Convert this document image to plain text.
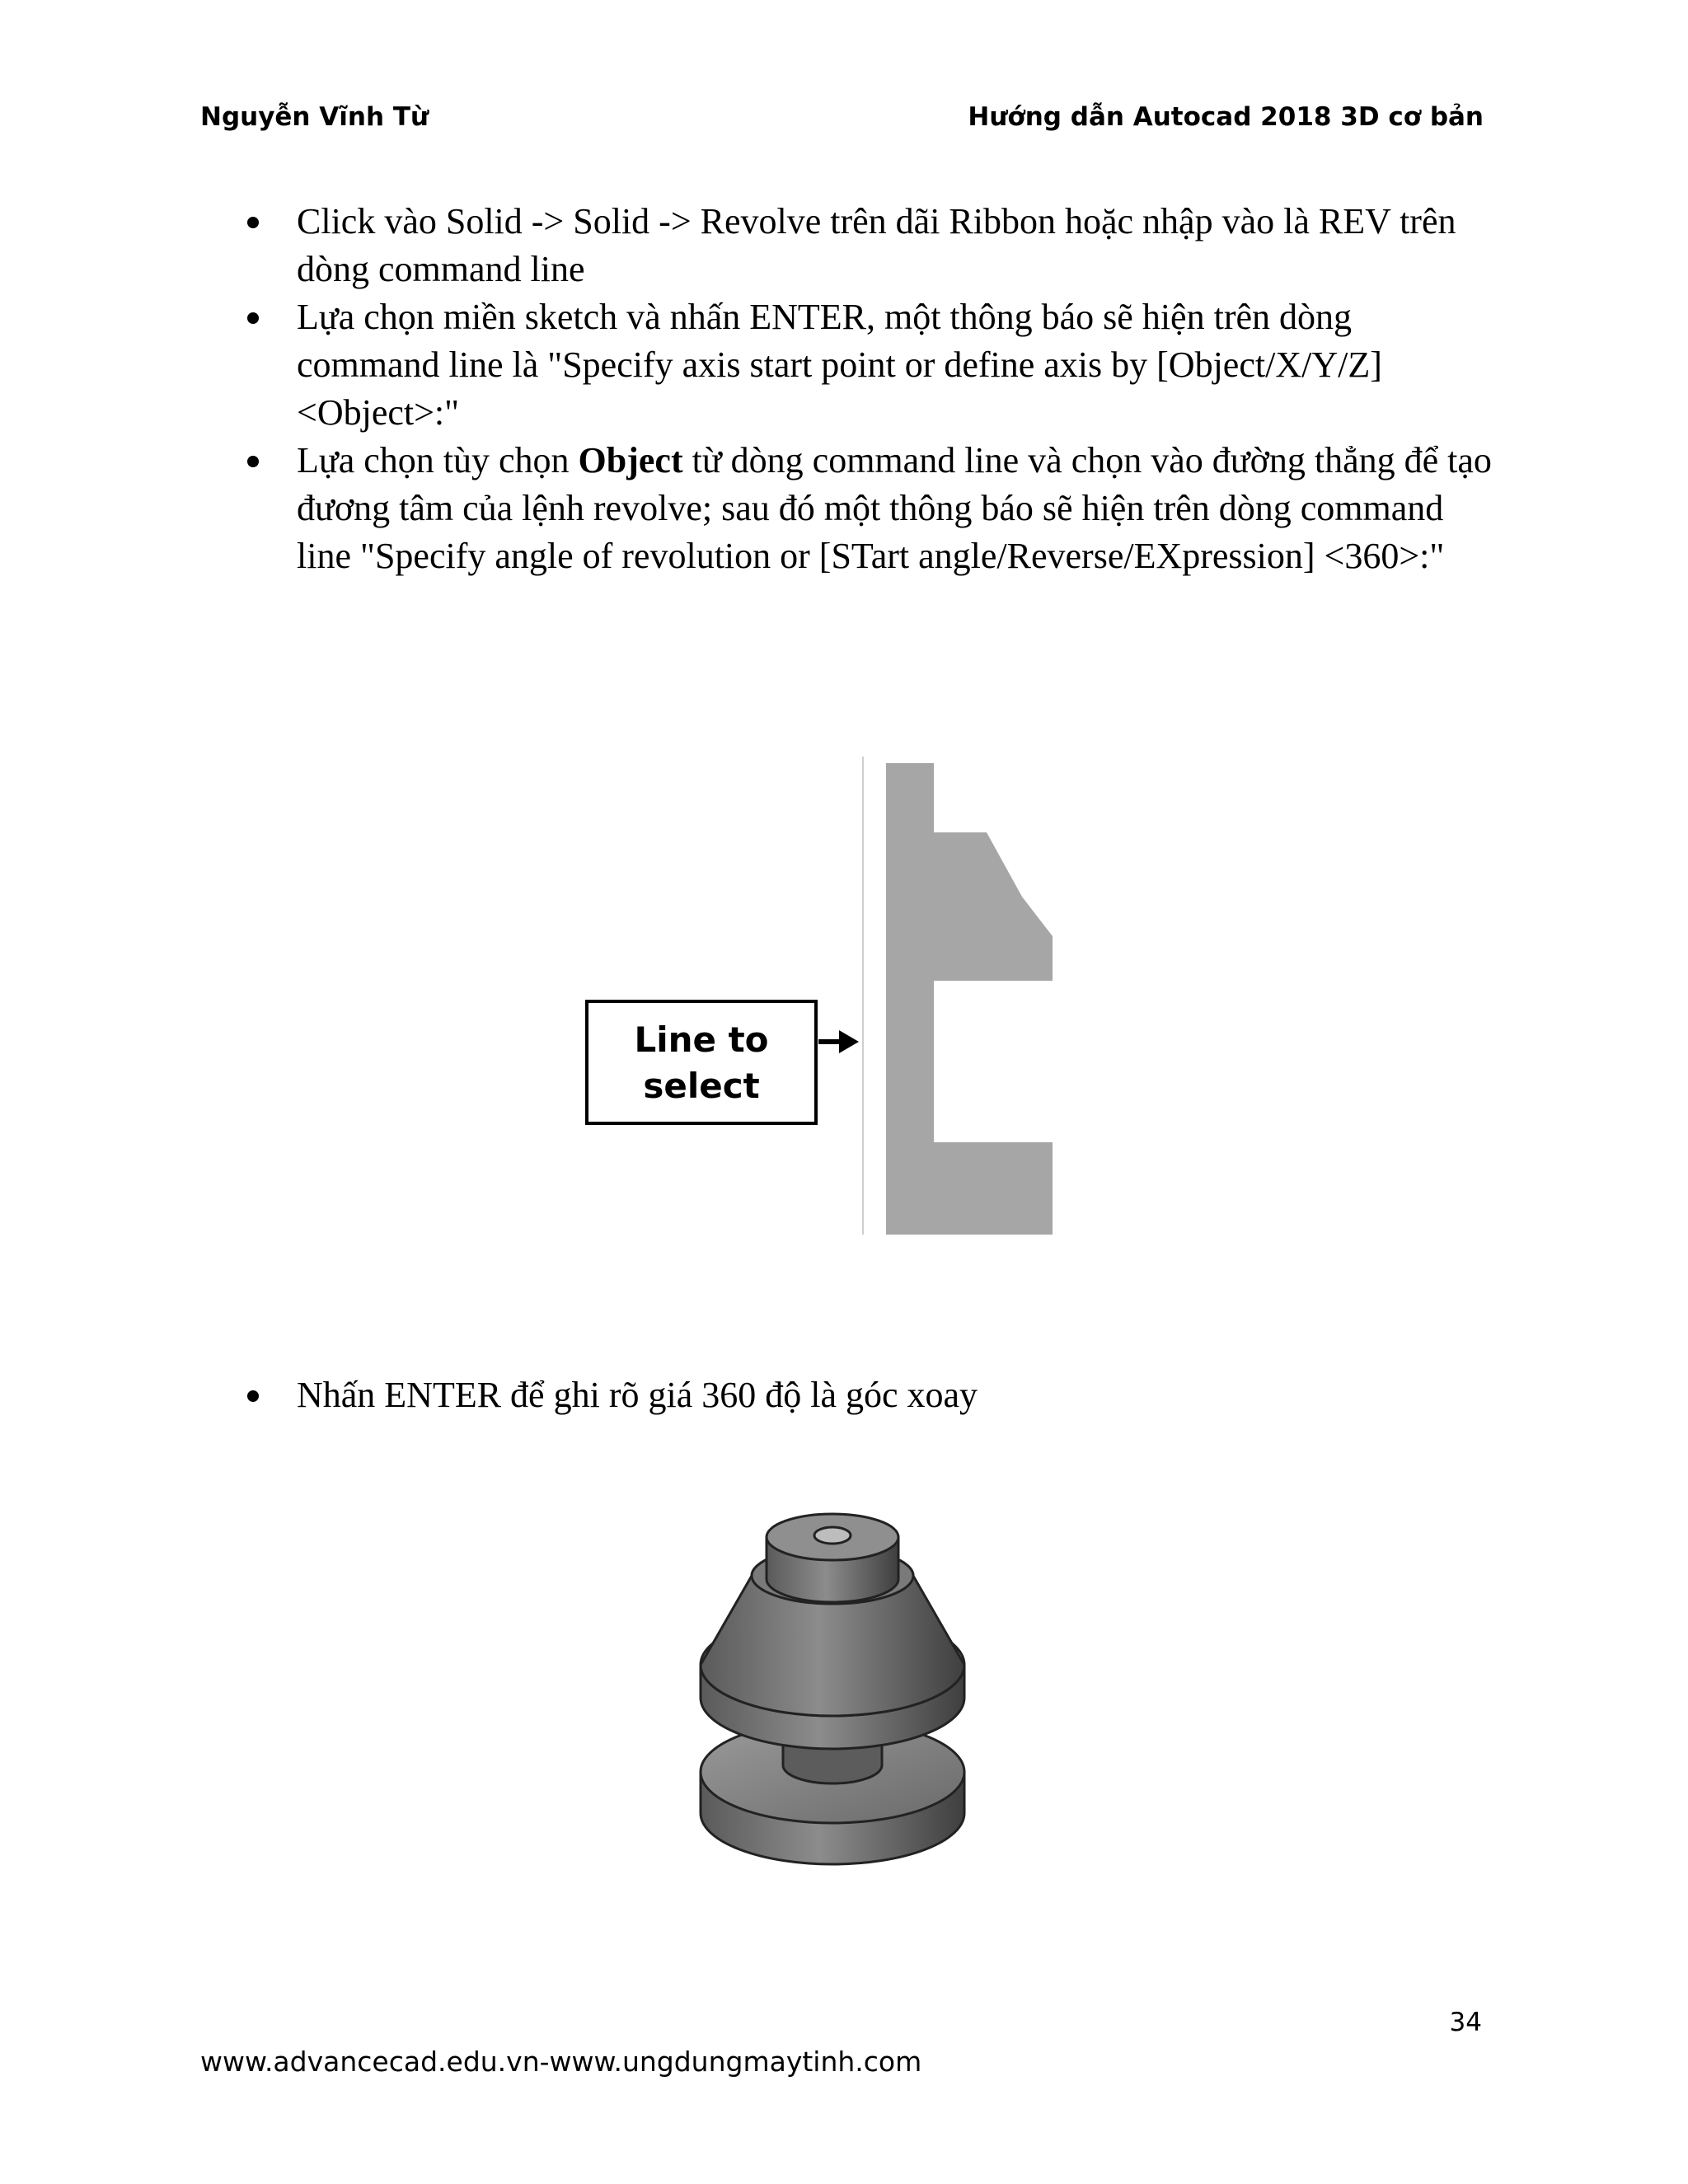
Nguyễn Vĩnh Từ	Hướng dẫn Autocad 2018 3D cơ bản
Click vào Solid -> Solid -> Revolve trên dãi Ribbon hoặc nhập vào là REV trên dòng command line
Lựa chọn miền sketch và nhấn ENTER, một thông báo sẽ hiện trên dòng command line là "Specify axis start point or define axis by [Object/X/Y/Z] <Object>:"
Lựa chọn tùy chọn Object từ dòng command line và chọn vào đường thẳng để tạo đương tâm của lệnh revolve; sau đó một thông báo sẽ hiện trên dòng command line "Specify angle of revolution or [STart angle/Reverse/EXpression] <360>:"
Line to
select
Nhấn ENTER để ghi rõ giá 360 độ là góc xoay
34
www.advancecad.edu.vn-www.ungdungmaytinh.com
